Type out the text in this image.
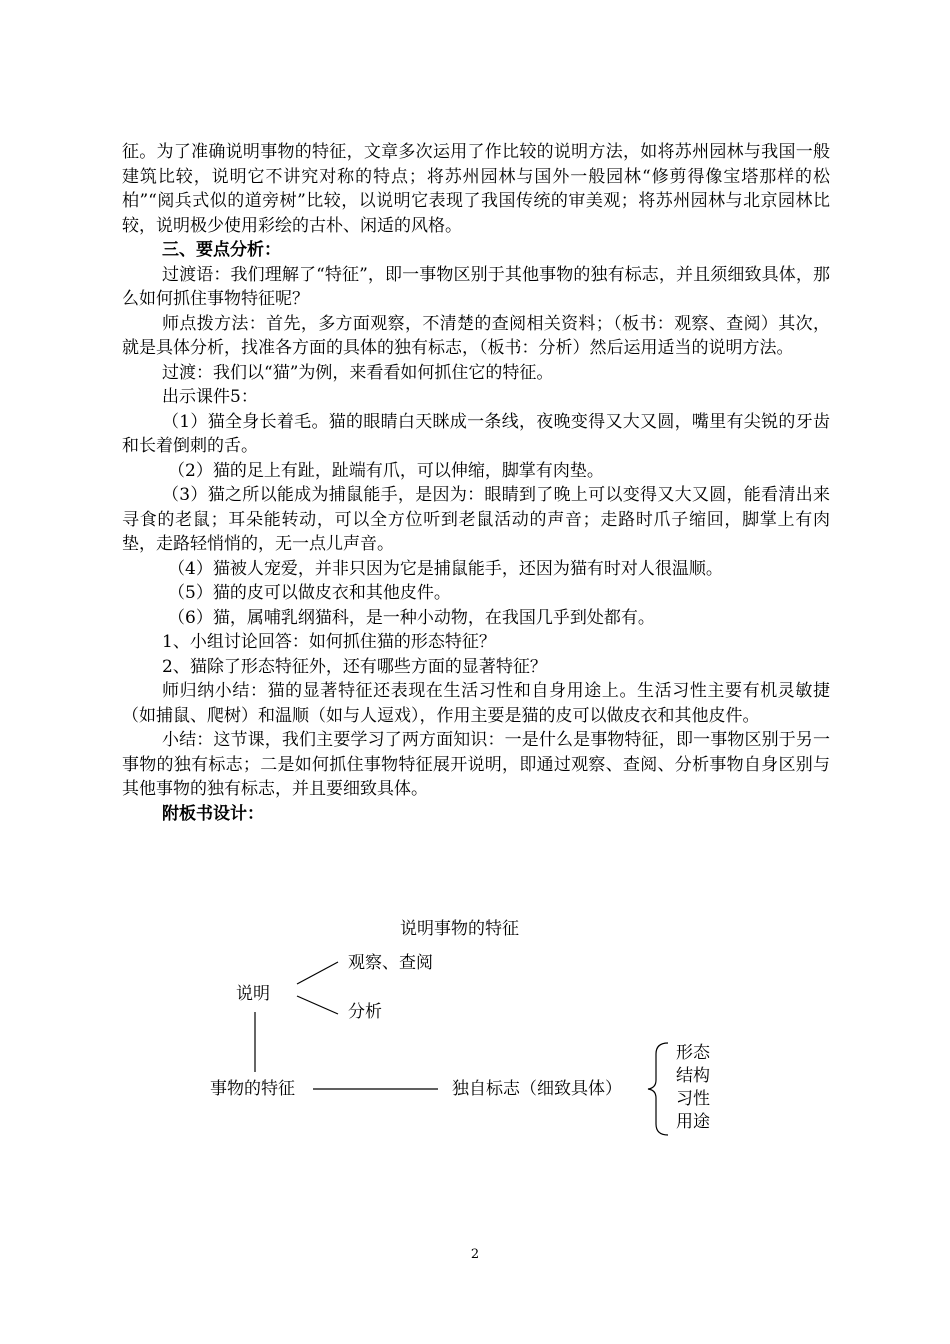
征。为了准确说明事物的特征，文章多次运用了作比较的说明方法，如将苏州园林与我国一般建筑比较，说明它不讲究对称的特点；将苏州园林与国外一般园林“修剪得像宝塔那样的松柏”“阅兵式似的道旁树”比较，以说明它表现了我国传统的审美观；将苏州园林与北京园林比较，说明极少使用彩绘的古朴、闲适的风格。

三、要点分析：

过渡语：我们理解了“特征”，即一事物区别于其他事物的独有标志，并且须细致具体，那么如何抓住事物特征呢？

师点拨方法：首先，多方面观察，不清楚的查阅相关资料；（板书：观察、查阅）其次，就是具体分析，找准各方面的具体的独有标志，（板书：分析）然后运用适当的说明方法。

过渡：我们以“猫”为例，来看看如何抓住它的特征。

出示课件5：

（1）猫全身长着毛。猫的眼睛白天眯成一条线，夜晚变得又大又圆，嘴里有尖锐的牙齿和长着倒刺的舌。

（2）猫的足上有趾，趾端有爪，可以伸缩，脚掌有肉垫。

（3）猫之所以能成为捕鼠能手，是因为：眼睛到了晚上可以变得又大又圆，能看清出来寻食的老鼠；耳朵能转动，可以全方位听到老鼠活动的声音；走路时爪子缩回，脚掌上有肉垫，走路轻悄悄的，无一点儿声音。

（4）猫被人宠爱，并非只因为它是捕鼠能手，还因为猫有时对人很温顺。

（5）猫的皮可以做皮衣和其他皮件。

（6）猫，属哺乳纲猫科，是一种小动物，在我国几乎到处都有。

1、小组讨论回答：如何抓住猫的形态特征？

2、猫除了形态特征外，还有哪些方面的显著特征？

师归纳小结：猫的显著特征还表现在生活习性和自身用途上。生活习性主要有机灵敏捷（如捕鼠、爬树）和温顺（如与人逗戏），作用主要是猫的皮可以做皮衣和其他皮件。

小结：这节课，我们主要学习了两方面知识：一是什么是事物特征，即一事物区别于另一事物的独有标志；二是如何抓住事物特征展开说明，即通过观察、查阅、分析事物自身区别与其他事物的独有标志，并且要细致具体。

附板书设计：

说明事物的特征
观察、查阅
说明
分析
事物的特征	独自标志（细致具体）
形态
结构
习性
用途
2
